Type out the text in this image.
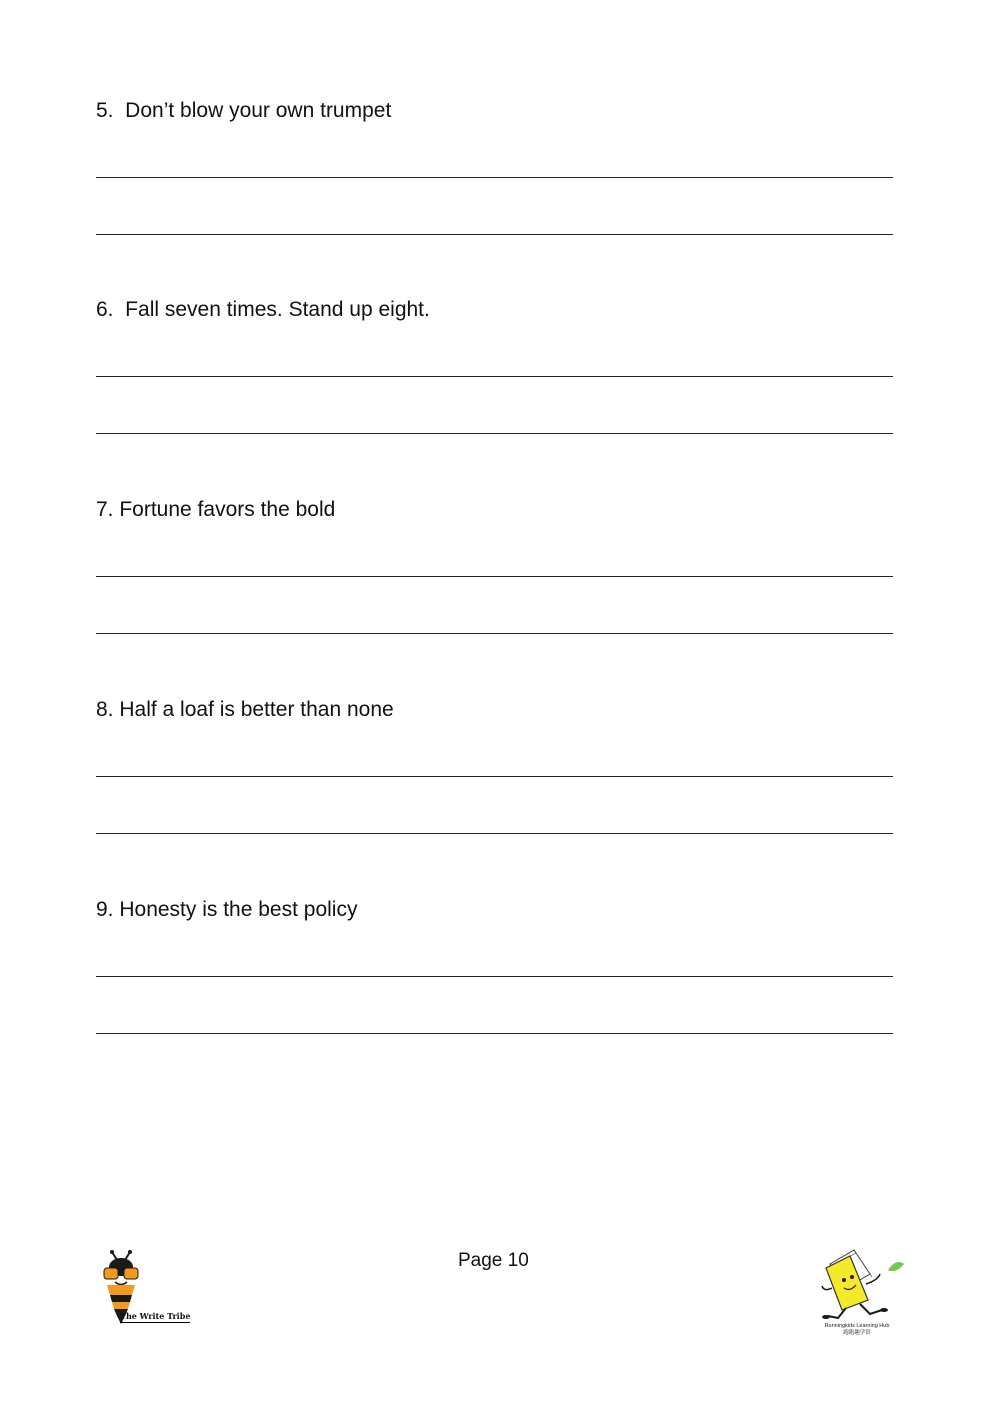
5.  Don’t blow your own trumpet

6.  Fall seven times. Stand up eight.

7. Fortune favors the bold

8. Half a loaf is better than none

9. Honesty is the best policy

Page 10
The Write Tribe
Runningkids Learning Hub
跑跑趣学馆
